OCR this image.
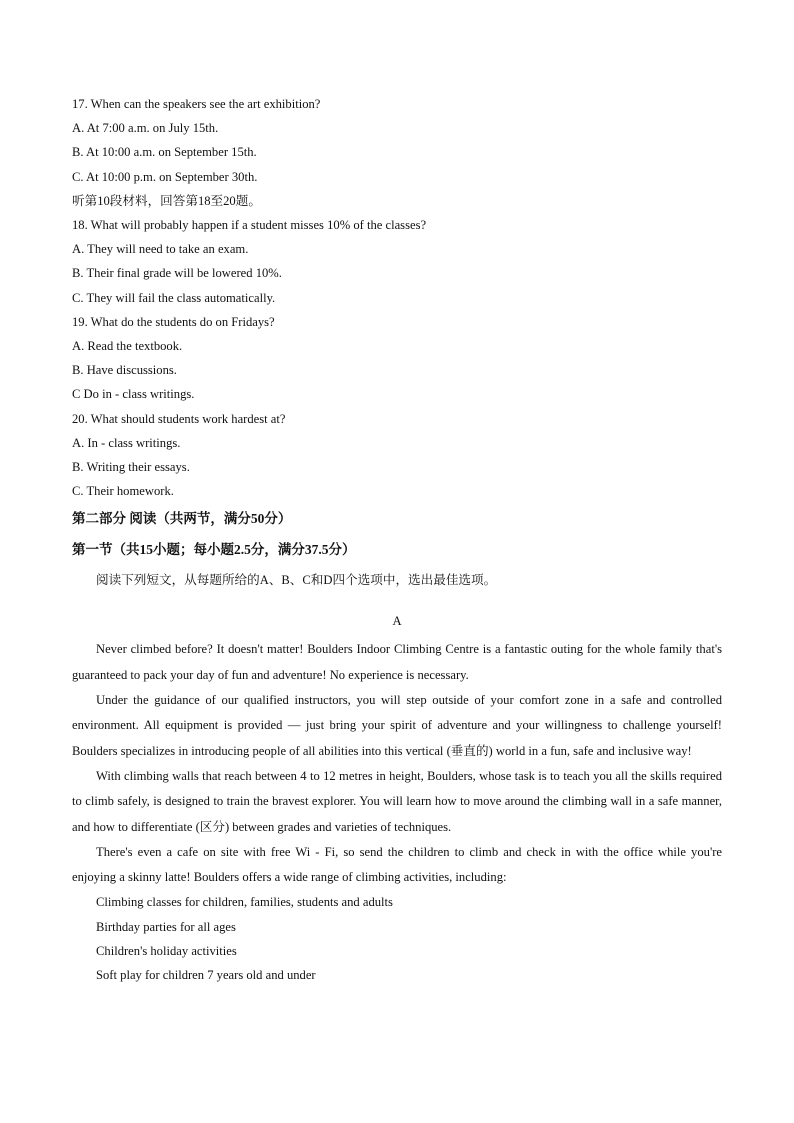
17. When can the speakers see the art exhibition?
A. At 7:00 a.m. on July 15th.
B. At 10:00 a.m. on September 15th.
C. At 10:00 p.m. on September 30th.
听第10段材料，回答第18至20题。
18. What will probably happen if a student misses 10% of the classes?
A. They will need to take an exam.
B. Their final grade will be lowered 10%.
C. They will fail the class automatically.
19. What do the students do on Fridays?
A. Read the textbook.
B. Have discussions.
C Do in - class writings.
20. What should students work hardest at?
A. In - class writings.
B. Writing their essays.
C. Their homework.
第二部分 阅读（共两节，满分50分）
第一节（共15小题；每小题2.5分，满分37.5分）
阅读下列短文，从每题所给的A、B、C和D四个选项中，选出最佳选项。
A

Never climbed before? It doesn't matter! Boulders Indoor Climbing Centre is a fantastic outing for the whole family that's guaranteed to pack your day of fun and adventure! No experience is necessary.

Under the guidance of our qualified instructors, you will step outside of your comfort zone in a safe and controlled environment. All equipment is provided — just bring your spirit of adventure and your willingness to challenge yourself! Boulders specializes in introducing people of all abilities into this vertical (垂直的) world in a fun, safe and inclusive way!

With climbing walls that reach between 4 to 12 metres in height, Boulders, whose task is to teach you all the skills required to climb safely, is designed to train the bravest explorer. You will learn how to move around the climbing wall in a safe manner, and how to differentiate (区分) between grades and varieties of techniques.

There's even a cafe on site with free Wi - Fi, so send the children to climb and check in with the office while you're enjoying a skinny latte! Boulders offers a wide range of climbing activities, including:

Climbing classes for children, families, students and adults
Birthday parties for all ages
Children's holiday activities
Soft play for children 7 years old and under
